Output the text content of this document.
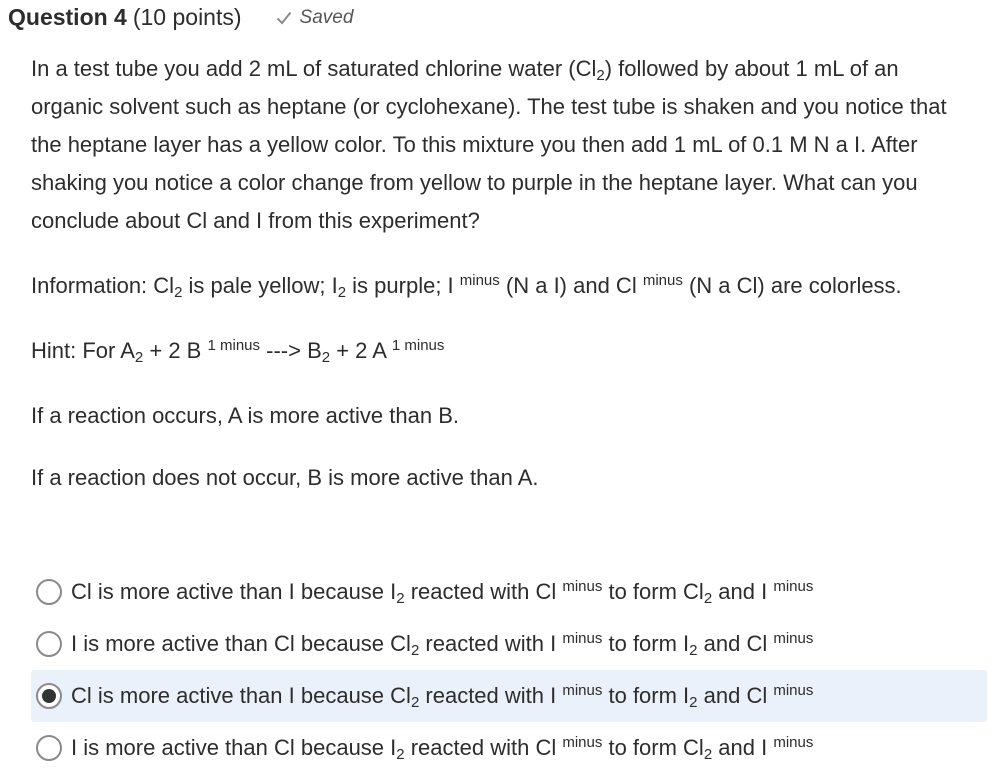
Question 4 (10 points)	Saved

In a test tube you add 2 mL of saturated chlorine water $(Cl_2)$ followed by about 1 mL of an organic solvent such as heptane (or cyclohexane). The test tube is shaken and you notice that the heptane layer has a yellow color. To this mixture you then add 1 mL of 0.1 M N a I. After shaking you notice a color change from yellow to purple in the heptane layer. What can you conclude about Cl and I from this experiment?

Information: $Cl_2$ is pale yellow; $I_2$ is purple; I $^{minus}$ (N a I) and Cl $^{minus}$ (N a Cl) are colorless.

Hint: For $A_2 + 2$ B $^{1 minus}$ ---> $B_2 + 2$ A $^{1 minus}$

If a reaction occurs, A is more active than B.

If a reaction does not occur, B is more active than A.

Cl is more active than I because $I_2$ reacted with Cl $^{minus}$ to form $Cl_2$ and I $^{minus}$
I is more active than Cl because $Cl_2$ reacted with I $^{minus}$ to form $I_2$ and Cl $^{minus}$
Cl is more active than I because $Cl_2$ reacted with I $^{minus}$ to form $I_2$ and Cl $^{minus}$
I is more active than Cl because $I_2$ reacted with Cl $^{minus}$ to form $Cl_2$ and I $^{minus}$
